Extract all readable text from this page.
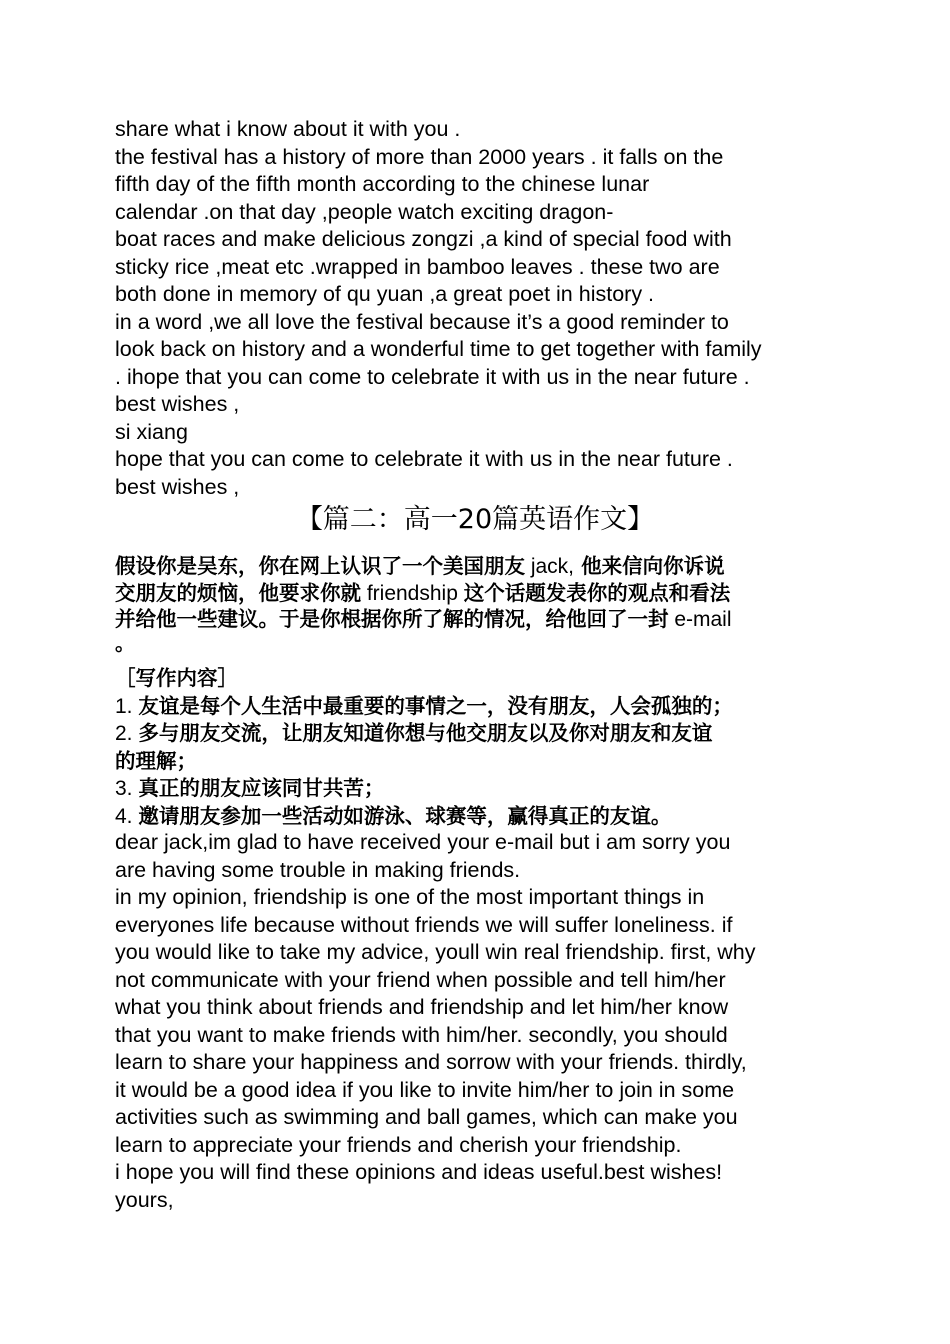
share what i know about it with you .
the festival has a history of more than 2000 years . it falls on the
fifth day of the fifth month according to the chinese lunar
calendar .on that day ,people watch exciting dragon-
boat races and make delicious zongzi ,a kind of special food with
sticky rice ,meat etc .wrapped in bamboo leaves . these two are
both done in memory of qu yuan ,a great poet in history .
in a word ,we all love the festival because it’s a good reminder to
look back on history and a wonderful time to get together with family
. ihope that you can come to celebrate it with us in the near future .
best wishes ,
si xiang
hope that you can come to celebrate it with us in the near future .
best wishes ,
【篇二：高一20篇英语作文】
假设你是吴东，你在网上认识了一个美国朋友 jack, 他来信向你诉说
交朋友的烦恼，他要求你就 friendship 这个话题发表你的观点和看法
并给他一些建议。于是你根据你所了解的情况，给他回了一封 e-mail
。
［写作内容］
1. 友谊是每个人生活中最重要的事情之一，没有朋友，人会孤独的；
2. 多与朋友交流，让朋友知道你想与他交朋友以及你对朋友和友谊
的理解；
3. 真正的朋友应该同甘共苦；
4. 邀请朋友参加一些活动如游泳、球赛等，赢得真正的友谊。
dear jack,im glad to have received your e-mail but i am sorry you
are having some trouble in making friends.
in my opinion, friendship is one of the most important things in
everyones life because without friends we will suffer loneliness. if
you would like to take my advice, youll win real friendship. first, why
not communicate with your friend when possible and tell him/her
what you think about friends and friendship and let him/her know
that you want to make friends with him/her. secondly, you should
learn to share your happiness and sorrow with your friends. thirdly,
it would be a good idea if you like to invite him/her to join in some
activities such as swimming and ball games, which can make you
learn to appreciate your friends and cherish your friendship.
i hope you will find these opinions and ideas useful.best wishes!
yours,
